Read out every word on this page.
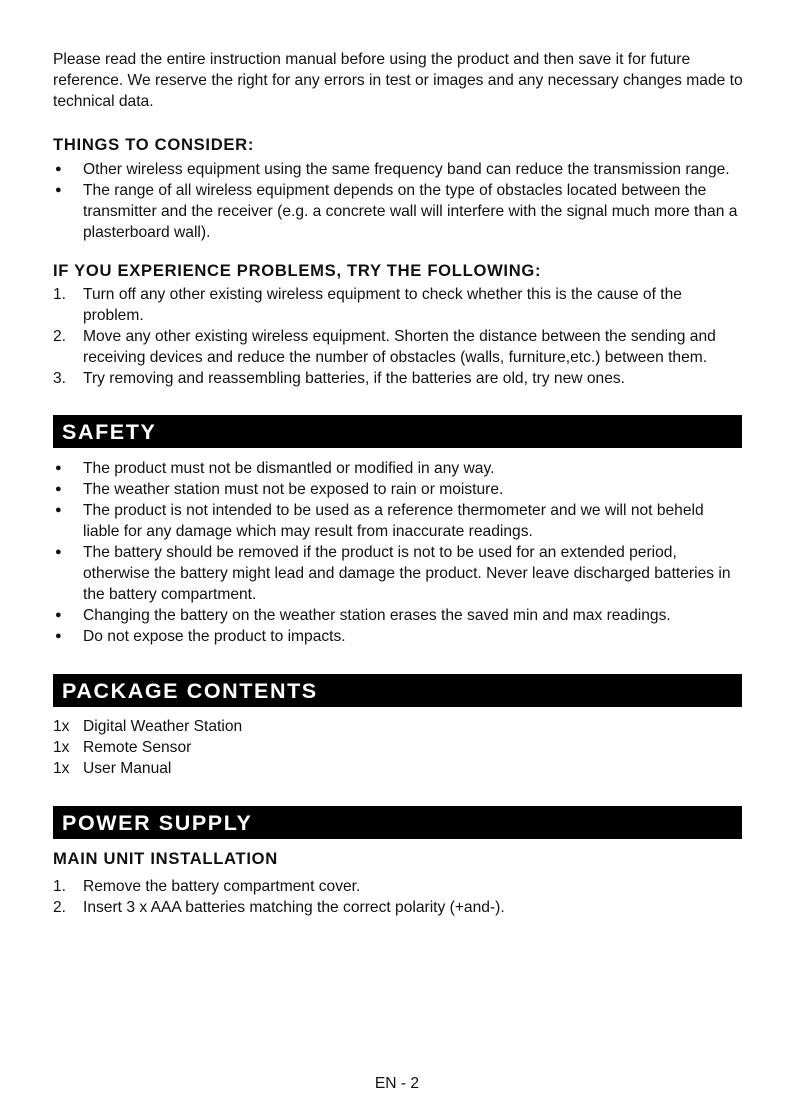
Please read the entire instruction manual before using the product and then save it for future reference. We reserve the right for any errors in test or images and any necessary changes made to technical data.

THINGS TO CONSIDER:
● Other wireless equipment using the same frequency band can reduce the transmission range.
● The range of all wireless equipment depends on the type of obstacles located between the transmitter and the receiver (e.g. a concrete wall will interfere with the signal much more than a plasterboard wall).
IF YOU EXPERIENCE PROBLEMS, TRY THE FOLLOWING:
1. Turn off any other existing wireless equipment to check whether this is the cause of the problem.
2. Move any other existing wireless equipment. Shorten the distance between the sending and receiving devices and reduce the number of obstacles (walls, furniture,etc.) between them.
3. Try removing and reassembling batteries, if the batteries are old, try new ones.
SAFETY
● The product must not be dismantled or modified in any way.
● The weather station must not be exposed to rain or moisture.
● The product is not intended to be used as a reference thermometer and we will not beheld liable for any damage which may result from inaccurate readings.
● The battery should be removed if the product is not to be used for an extended period, otherwise the battery might lead and damage the product. Never leave discharged batteries in the battery compartment.
● Changing the battery on the weather station erases the saved min and max readings.
● Do not expose the product to impacts.
PACKAGE CONTENTS
1x Digital Weather Station
1x Remote Sensor
1x User Manual
POWER SUPPLY
MAIN UNIT INSTALLATION
1. Remove the battery compartment cover.
2. Insert 3 x AAA batteries matching the correct polarity (+and-).
EN - 2
